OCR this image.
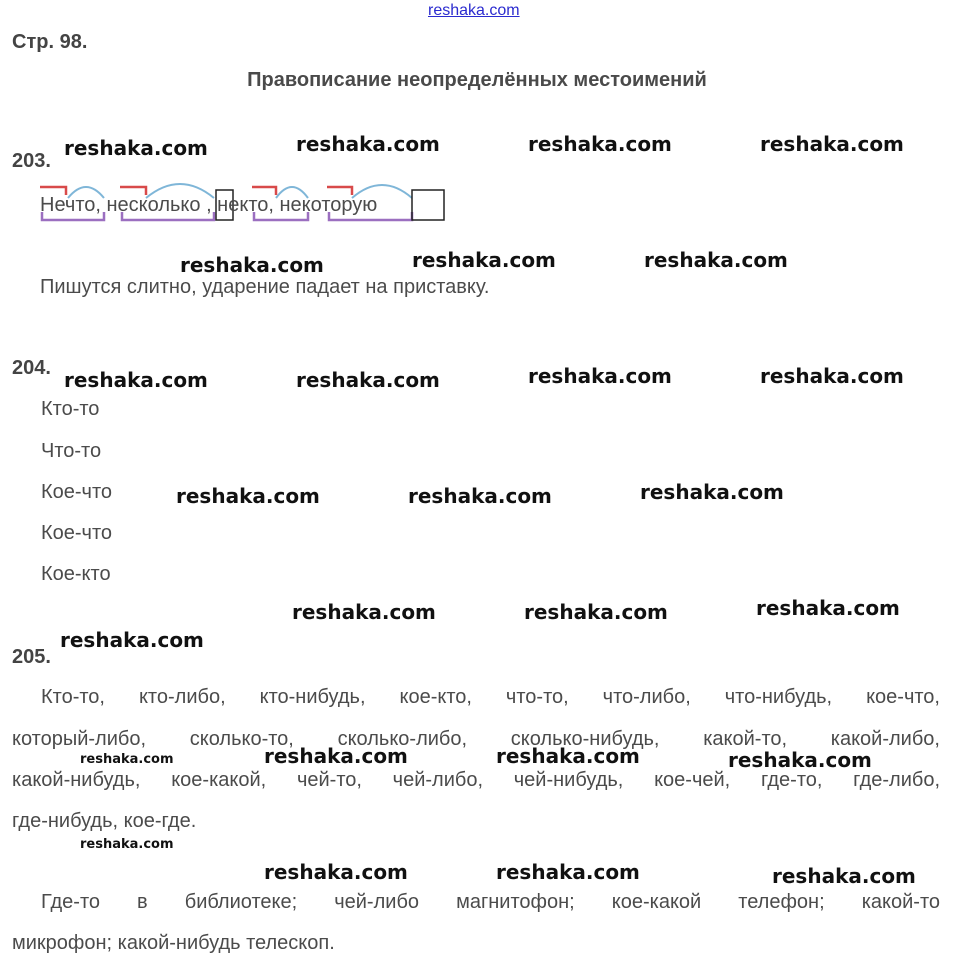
reshaka.com
Стр. 98.
Правописание неопределённых местоимений
203.
Нечто, несколько , некто, некоторую
Пишутся слитно, ударение падает на приставку.
204.
Кто-то
Что-то
Кое-что
Кое-что
Кое-кто
205.
Кто-то, кто-либо, кто-нибудь, кое-кто, что-то, что-либо, что-нибудь, кое-что,
который-либо, сколько-то, сколько-либо, сколько-нибудь, какой-то, какой-либо,
какой-нибудь, кое-какой, чей-то, чей-либо, чей-нибудь, кое-чей, где-то, где-либо,
где-нибудь, кое-где.
Где-то в библиотеке; чей-либо магнитофон; кое-какой телефон; какой-то
микрофон; какой-нибудь телескоп.
reshaka.com	reshaka.com	reshaka.com	reshaka.com
reshaka.com	reshaka.com	reshaka.com
reshaka.com	reshaka.com	reshaka.com	reshaka.com
reshaka.com	reshaka.com	reshaka.com
reshaka.com	reshaka.com	reshaka.com
reshaka.com
reshaka.com	reshaka.com	reshaka.com
reshaka.com
reshaka.com
reshaka.com	reshaka.com	reshaka.com
